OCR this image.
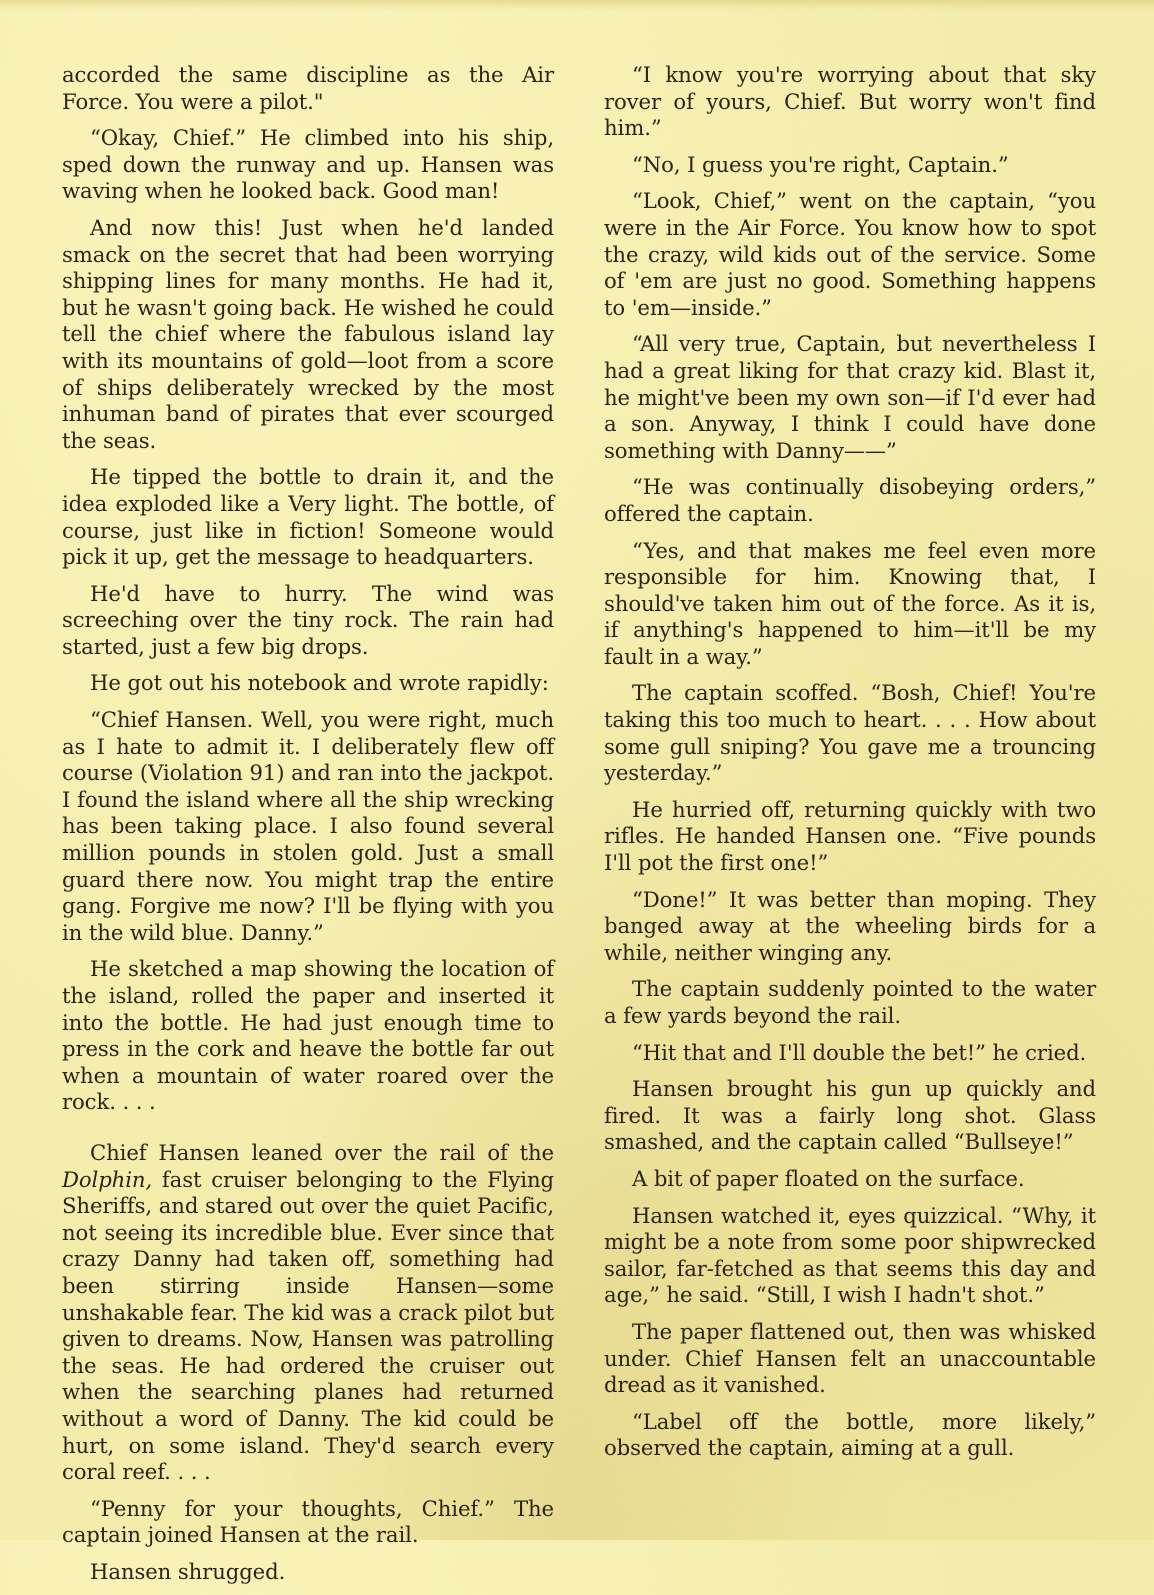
accorded the same discipline as the Air Force. You were a pilot."

“Okay, Chief.” He climbed into his ship, sped down the runway and up. Hansen was waving when he looked back. Good man!

And now this! Just when he'd landed smack on the secret that had been worrying shipping lines for many months. He had it, but he wasn't going back. He wished he could tell the chief where the fabulous island lay with its mountains of gold—loot from a score of ships deliberately wrecked by the most inhuman band of pirates that ever scourged the seas.

He tipped the bottle to drain it, and the idea exploded like a Very light. The bottle, of course, just like in fiction! Someone would pick it up, get the message to headquarters.

He'd have to hurry. The wind was screeching over the tiny rock. The rain had started, just a few big drops.

He got out his notebook and wrote rapidly:

“Chief Hansen. Well, you were right, much as I hate to admit it. I deliberately flew off course (Violation 91) and ran into the jackpot. I found the island where all the ship wrecking has been taking place. I also found several million pounds in stolen gold. Just a small guard there now. You might trap the entire gang. Forgive me now? I'll be flying with you in the wild blue. Danny.”

He sketched a map showing the location of the island, rolled the paper and inserted it into the bottle. He had just enough time to press in the cork and heave the bottle far out when a mountain of water roared over the rock. . . .

Chief Hansen leaned over the rail of the Dolphin, fast cruiser belonging to the Flying Sheriffs, and stared out over the quiet Pacific, not seeing its incredible blue. Ever since that crazy Danny had taken off, something had been stirring inside Hansen—some unshakable fear. The kid was a crack pilot but given to dreams. Now, Hansen was patrolling the seas. He had ordered the cruiser out when the searching planes had returned without a word of Danny. The kid could be hurt, on some island. They'd search every coral reef. . . .

“Penny for your thoughts, Chief.” The captain joined Hansen at the rail.

Hansen shrugged.

“I know you're worrying about that sky rover of yours, Chief. But worry won't find him.”

“No, I guess you're right, Captain.”

“Look, Chief,” went on the captain, “you were in the Air Force. You know how to spot the crazy, wild kids out of the service. Some of 'em are just no good. Something happens to 'em—inside.”

“All very true, Captain, but nevertheless I had a great liking for that crazy kid. Blast it, he might've been my own son—if I'd ever had a son. Anyway, I think I could have done something with Danny——”

“He was continually disobeying orders,” offered the captain.

“Yes, and that makes me feel even more responsible for him. Knowing that, I should've taken him out of the force. As it is, if anything's happened to him—it'll be my fault in a way.”

The captain scoffed. “Bosh, Chief! You're taking this too much to heart. . . . How about some gull sniping? You gave me a trouncing yesterday.”

He hurried off, returning quickly with two rifles. He handed Hansen one. “Five pounds I'll pot the first one!”

“Done!” It was better than moping. They banged away at the wheeling birds for a while, neither winging any.

The captain suddenly pointed to the water a few yards beyond the rail.

“Hit that and I'll double the bet!” he cried.

Hansen brought his gun up quickly and fired. It was a fairly long shot. Glass smashed, and the captain called “Bullseye!”

A bit of paper floated on the surface.

Hansen watched it, eyes quizzical. “Why, it might be a note from some poor shipwrecked sailor, far-fetched as that seems this day and age,” he said. “Still, I wish I hadn't shot.”

The paper flattened out, then was whisked under. Chief Hansen felt an unaccountable dread as it vanished.

“Label off the bottle, more likely,” observed the captain, aiming at a gull.
